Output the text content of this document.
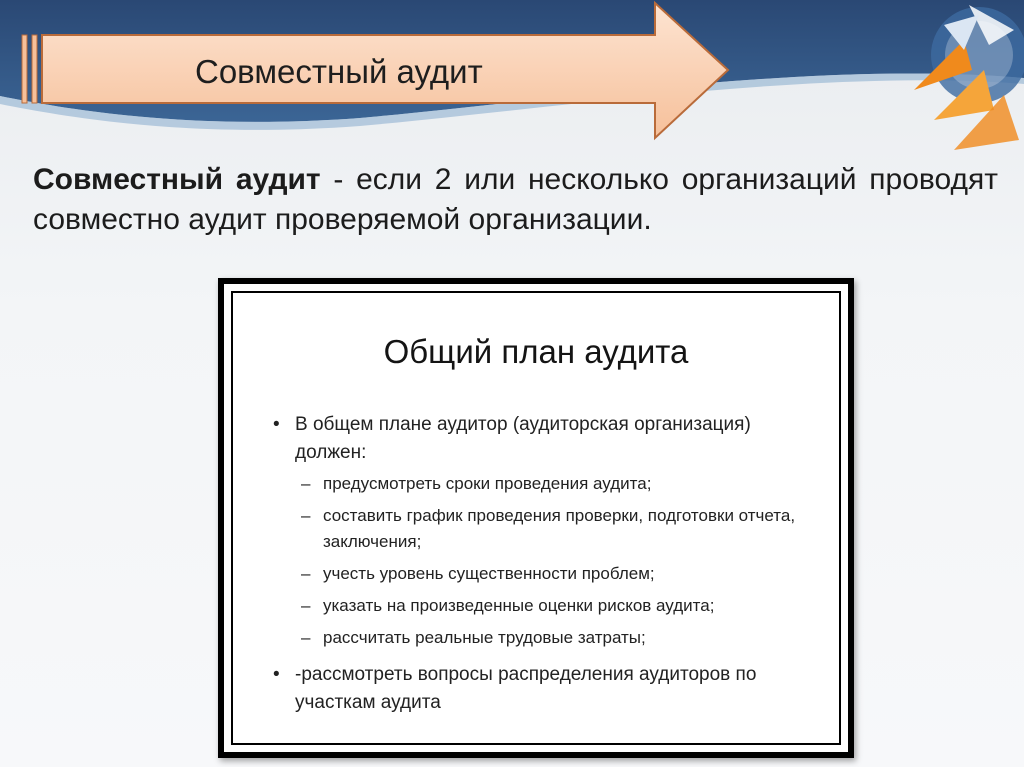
Совместный аудит
Совместный аудит - если 2 или несколько организаций проводят совместно аудит проверяемой организации.
Общий план аудита
• В общем плане аудитор (аудиторская организация) должен:
– предусмотреть сроки проведения аудита;
– составить график проведения проверки, подготовки отчета, заключения;
– учесть уровень существенности проблем;
– указать на произведенные оценки рисков аудита;
– рассчитать реальные трудовые затраты;
• -рассмотреть вопросы распределения аудиторов по участкам аудита
